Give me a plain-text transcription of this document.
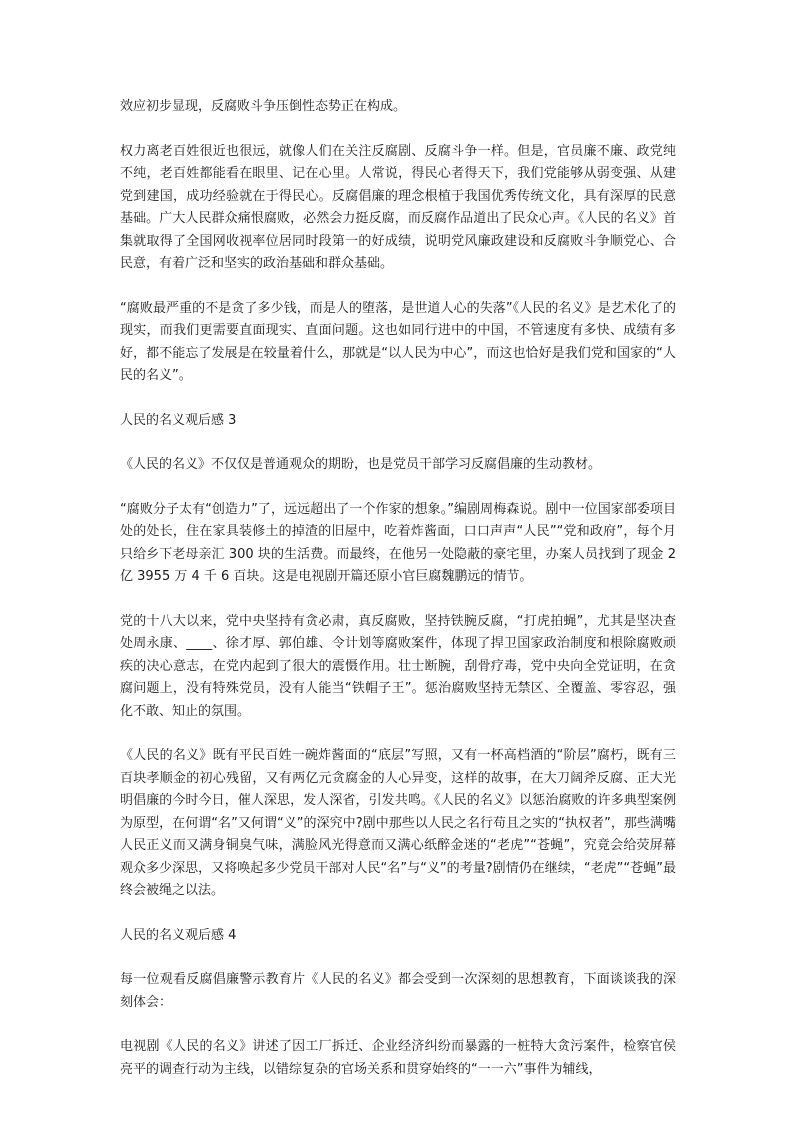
效应初步显现，反腐败斗争压倒性态势正在构成。

权力离老百姓很近也很远，就像人们在关注反腐剧、反腐斗争一样。但是，官员廉不廉、政党纯不纯，老百姓都能看在眼里、记在心里。人常说，得民心者得天下，我们党能够从弱变强、从建党到建国，成功经验就在于得民心。反腐倡廉的理念根植于我国优秀传统文化，具有深厚的民意基础。广大人民群众痛恨腐败，必然会力挺反腐，而反腐作品道出了民众心声。《人民的名义》首集就取得了全国网收视率位居同时段第一的好成绩，说明党风廉政建设和反腐败斗争顺党心、合民意，有着广泛和坚实的政治基础和群众基础。

“腐败最严重的不是贪了多少钱，而是人的堕落，是世道人心的失落”《人民的名义》是艺术化了的现实，而我们更需要直面现实、直面问题。这也如同行进中的中国，不管速度有多快、成绩有多好，都不能忘了发展是在较量着什么，那就是“以人民为中心”，而这也恰好是我们党和国家的“人民的名义”。

人民的名义观后感 3

《人民的名义》不仅仅是普通观众的期盼，也是党员干部学习反腐倡廉的生动教材。

“腐败分子太有“创造力”了，远远超出了一个作家的想象。”编剧周梅森说。剧中一位国家部委项目处的处长，住在家具装修土的掉渣的旧屋中，吃着炸酱面，口口声声“人民”“党和政府”，每个月只给乡下老母亲汇 300 块的生活费。而最终，在他另一处隐蔽的豪宅里，办案人员找到了现金 2 亿 3955 万 4 千 6 百块。这是电视剧开篇还原小官巨腐魏鹏远的情节。

党的十八大以来，党中央坚持有贪必肃，真反腐败，坚持铁腕反腐，“打虎拍蝇”，尤其是坚决查处周永康、____、徐才厚、郭伯雄、令计划等腐败案件，体现了捍卫国家政治制度和根除腐败顽疾的决心意志，在党内起到了很大的震慑作用。壮士断腕，刮骨疗毒，党中央向全党证明，在贪腐问题上，没有特殊党员，没有人能当“铁帽子王”。惩治腐败坚持无禁区、全覆盖、零容忍，强化不敢、知止的氛围。

《人民的名义》既有平民百姓一碗炸酱面的“底层”写照，又有一杯高档酒的“阶层”腐朽，既有三百块孝顺金的初心残留，又有两亿元贪腐金的人心异变，这样的故事，在大刀阔斧反腐、正大光明倡廉的今时今日，催人深思，发人深省，引发共鸣。《人民的名义》以惩治腐败的许多典型案例为原型，在何谓“名”又何谓“义”的深究中?剧中那些以人民之名行苟且之实的“执权者”，那些满嘴人民正义而又满身铜臭气味，满脸风光得意而又满心纸醉金迷的“老虎”“苍蝇”，究竟会给荧屏幕观众多少深思，又将唤起多少党员干部对人民“名”与“义”的考量?剧情仍在继续，“老虎”“苍蝇”最终会被绳之以法。

人民的名义观后感 4

每一位观看反腐倡廉警示教育片《人民的名义》都会受到一次深刻的思想教育，下面谈谈我的深刻体会：

电视剧《人民的名义》讲述了因工厂拆迁、企业经济纠纷而暴露的一桩特大贪污案件，检察官侯亮平的调查行动为主线，以错综复杂的官场关系和贯穿始终的“一一六”事件为辅线，
